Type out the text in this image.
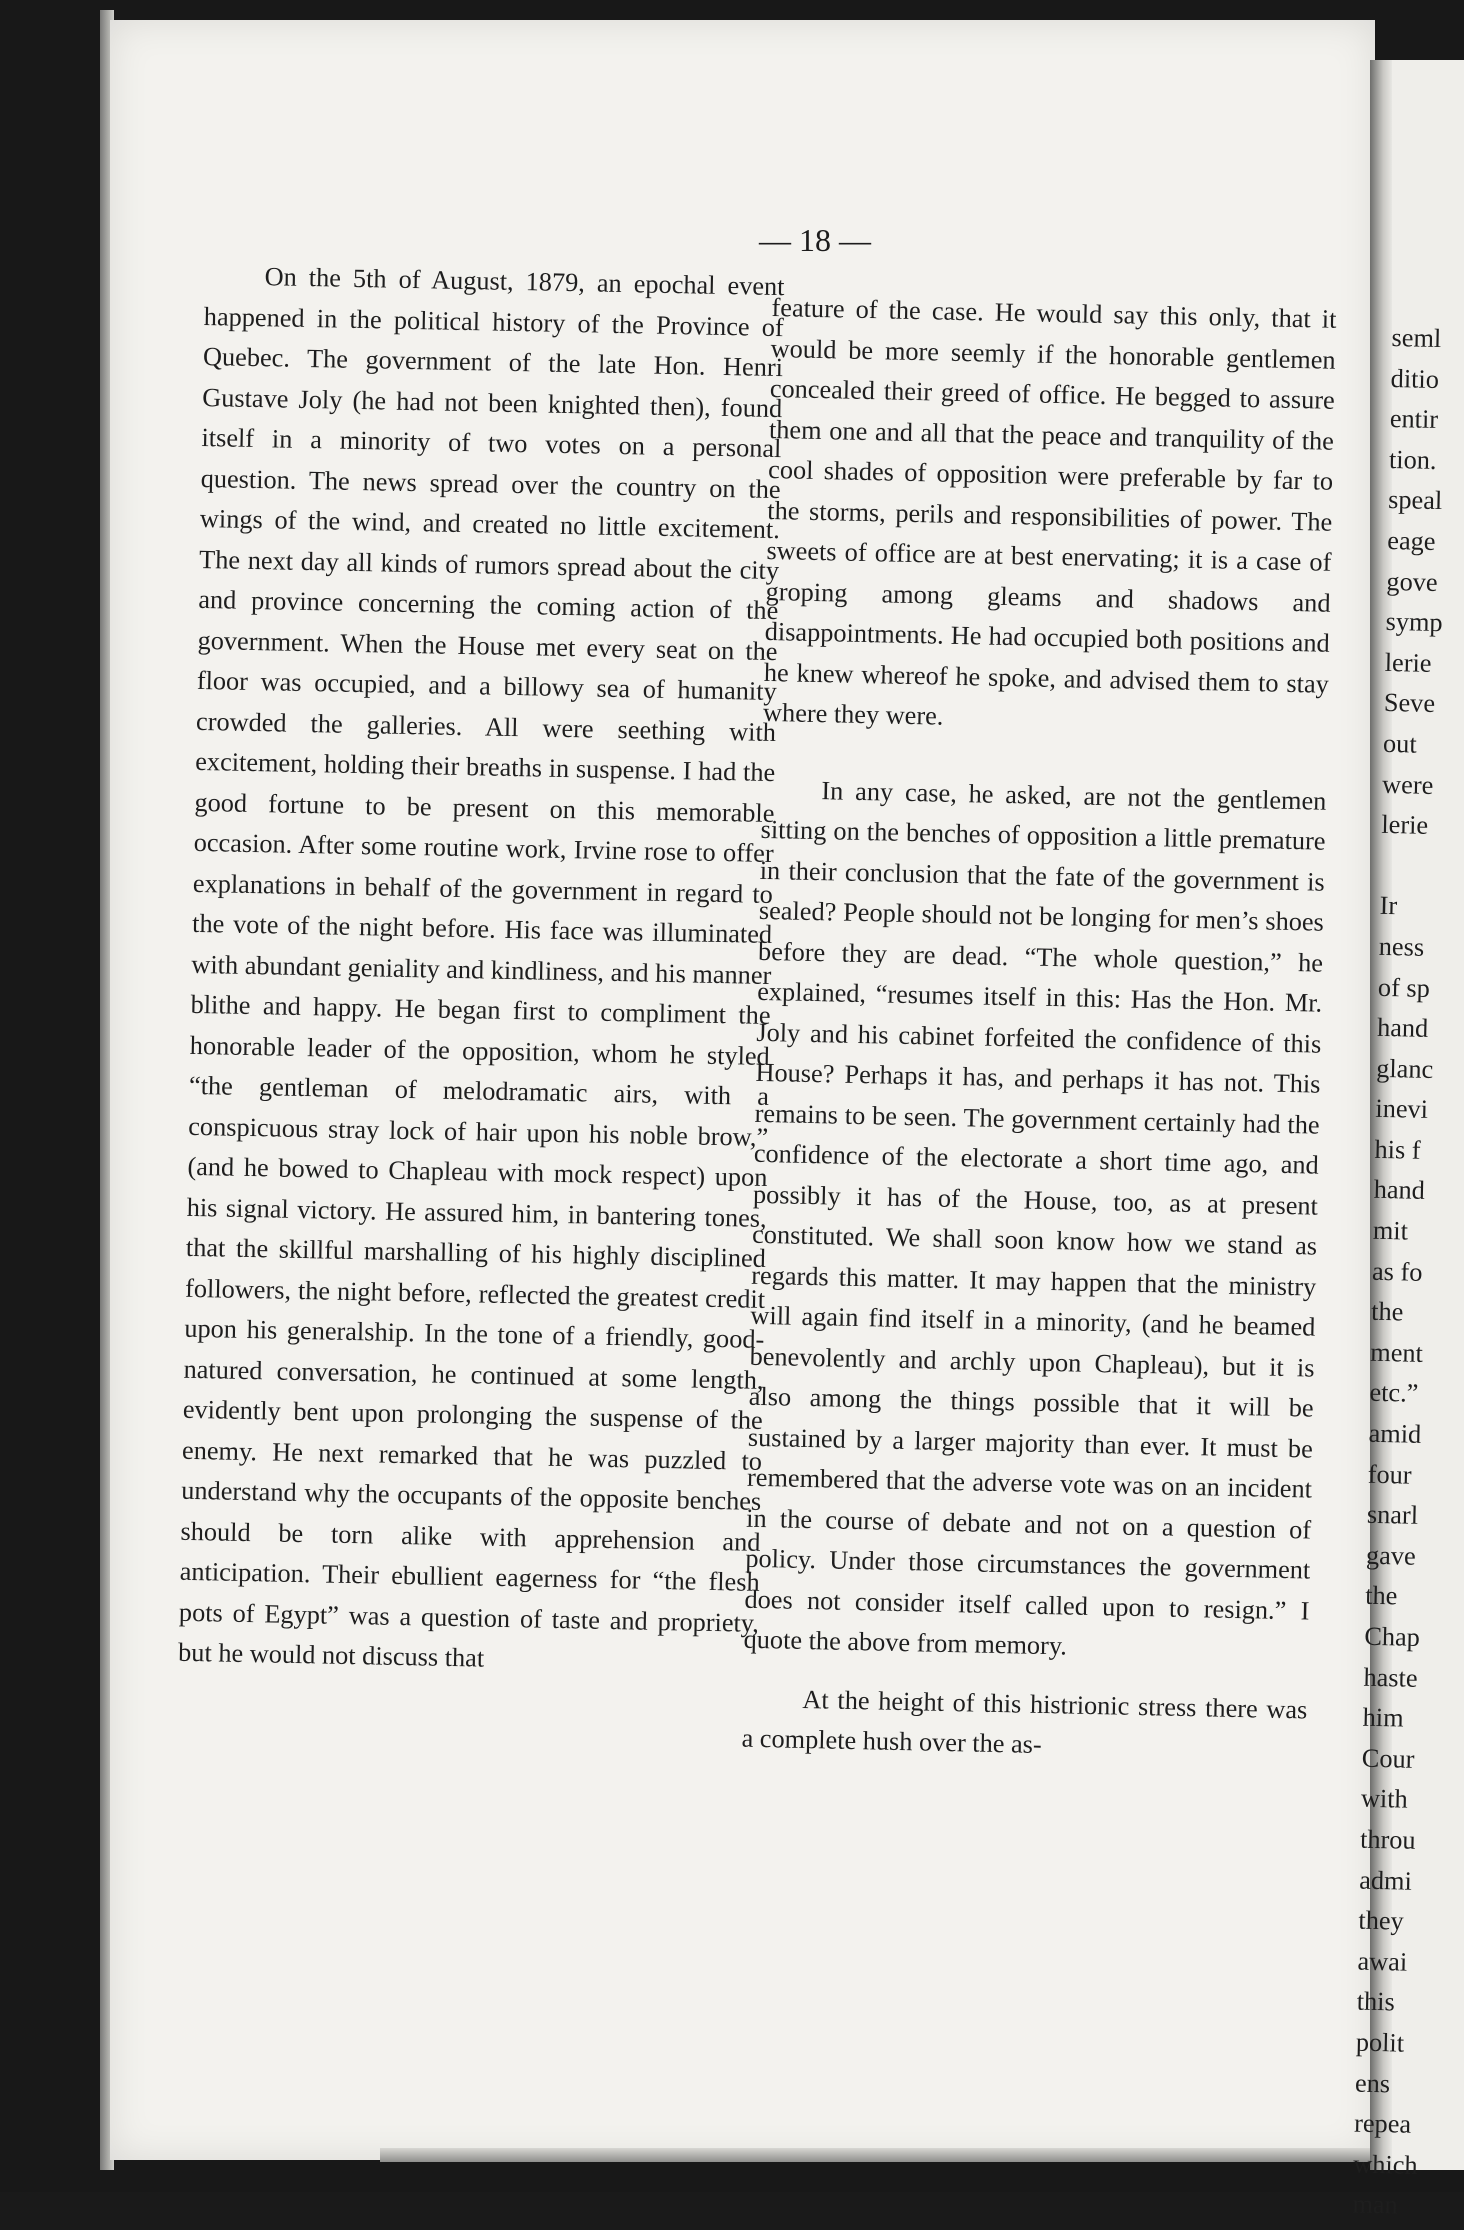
— 18 —

On the 5th of August, 1879, an epochal event happened in the political history of the Province of Quebec. The government of the late Hon. Henri Gustave Joly (he had not been knighted then), found itself in a minority of two votes on a personal question. The news spread over the country on the wings of the wind, and created no little excitement. The next day all kinds of rumors spread about the city and province concerning the coming action of the government. When the House met every seat on the floor was occupied, and a billowy sea of humanity crowded the galleries. All were seething with excitement, holding their breaths in suspense. I had the good fortune to be present on this memorable occasion. After some routine work, Irvine rose to offer explanations in behalf of the government in regard to the vote of the night before. His face was illuminated with abundant geniality and kindliness, and his manner blithe and happy. He began first to compliment the honorable leader of the opposition, whom he styled “the gentleman of melodramatic airs, with a conspicuous stray lock of hair upon his noble brow,” (and he bowed to Chapleau with mock respect) upon his signal victory. He assured him, in bantering tones, that the skillful marshalling of his highly disciplined followers, the night before, reflected the greatest credit upon his generalship. In the tone of a friendly, good-natured conversation, he continued at some length, evidently bent upon prolonging the suspense of the enemy. He next remarked that he was puzzled to understand why the occupants of the opposite benches should be torn alike with apprehension and anticipation. Their ebullient eagerness for “the flesh pots of Egypt” was a question of taste and propriety, but he would not discuss that

feature of the case. He would say this only, that it would be more seemly if the honorable gentlemen concealed their greed of office. He begged to assure them one and all that the peace and tranquility of the cool shades of opposition were preferable by far to the storms, perils and responsibilities of power. The sweets of office are at best enervating; it is a case of groping among gleams and shadows and disappointments. He had occupied both positions and he knew whereof he spoke, and advised them to stay where they were.

In any case, he asked, are not the gentlemen sitting on the benches of opposition a little premature in their conclusion that the fate of the government is sealed? People should not be longing for men’s shoes before they are dead. “The whole question,” he explained, “resumes itself in this: Has the Hon. Mr. Joly and his cabinet forfeited the confidence of this House? Perhaps it has, and perhaps it has not. This remains to be seen. The government certainly had the confidence of the electorate a short time ago, and possibly it has of the House, too, as at present constituted. We shall soon know how we stand as regards this matter. It may happen that the ministry will again find itself in a minority, (and he beamed benevolently and archly upon Chapleau), but it is also among the things possible that it will be sustained by a larger majority than ever. It must be remembered that the adverse vote was on an incident in the course of debate and not on a question of policy. Under those circumstances the government does not consider itself called upon to resign.” I quote the above from memory.

At the height of this histrionic stress there was a complete hush over the as-

seml
ditio
entir
tion.
speal
eage
gove
symp
lerie
Seve
out
were
lerie
Ir
ness
of sp
hand
glanc
inevi
his f
hand
mit
as fo
the
ment
etc.”
amid
four
snarl
gave
the
Chap
haste
him
Cour
with
throu
admi
they
awai
this
polit
ens
repea
which
man
